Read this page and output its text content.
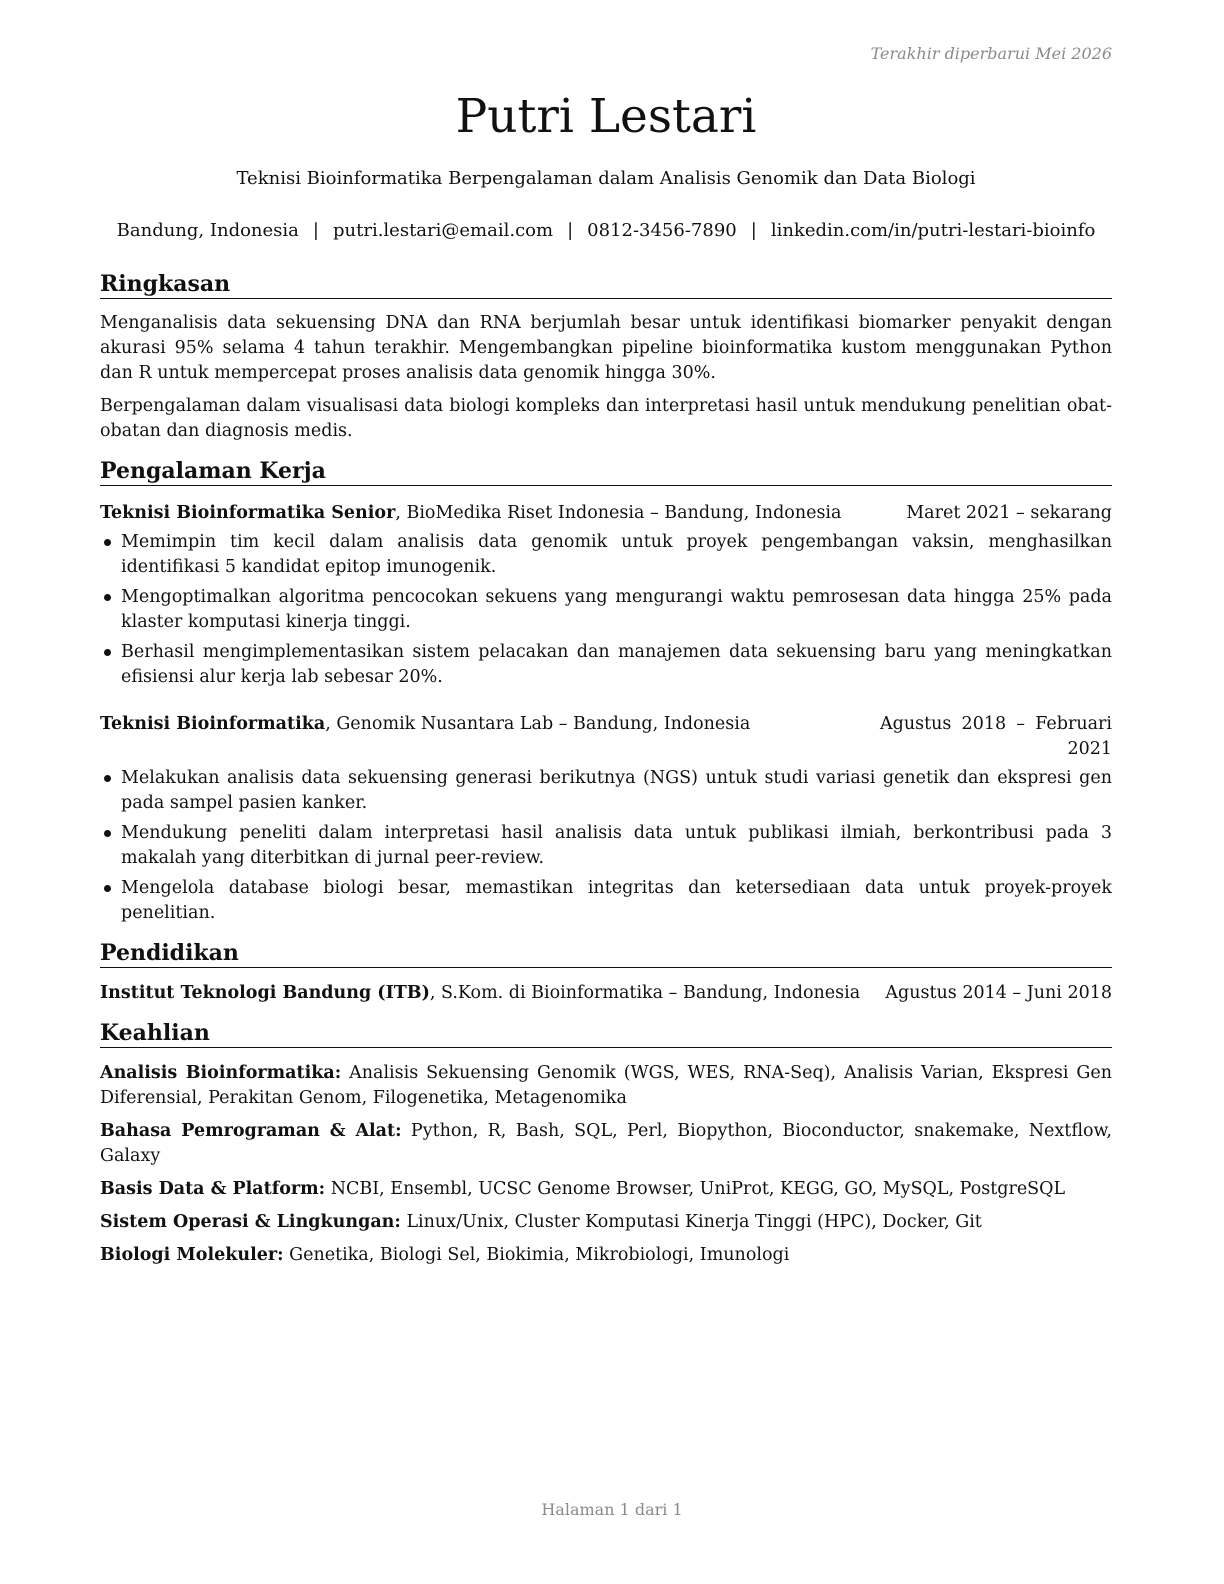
Terakhir diperbarui Mei 2026
Putri Lestari
Teknisi Bioinformatika Berpengalaman dalam Analisis Genomik dan Data Biologi
Bandung, Indonesia | putri.lestari@email.com | 0812-3456-7890 | linkedin.com/in/putri-lestari-bioinfo
Ringkasan

Menganalisis data sekuensing DNA dan RNA berjumlah besar untuk identifikasi biomarker penyakit dengan akurasi 95% selama 4 tahun terakhir. Mengembangkan pipeline bioinformatika kustom menggunakan Python dan R untuk mempercepat proses analisis data genomik hingga 30%.

Berpengalaman dalam visualisasi data biologi kompleks dan interpretasi hasil untuk mendukung penelitian obat-obatan dan diagnosis medis.

Pengalaman Kerja
Teknisi Bioinformatika Senior, BioMedika Riset Indonesia – Bandung, Indonesia	Maret 2021 – sekarang
Memimpin tim kecil dalam analisis data genomik untuk proyek pengembangan vaksin, menghasilkan identifikasi 5 kandidat epitop imunogenik.
Mengoptimalkan algoritma pencocokan sekuens yang mengurangi waktu pemrosesan data hingga 25% pada klaster komputasi kinerja tinggi.
Berhasil mengimplementasikan sistem pelacakan dan manajemen data sekuensing baru yang meningkatkan efisiensi alur kerja lab sebesar 20%.
Teknisi Bioinformatika, Genomik Nusantara Lab – Bandung, Indonesia	Agustus 2018 – Februari 2021
Melakukan analisis data sekuensing generasi berikutnya (NGS) untuk studi variasi genetik dan ekspresi gen pada sampel pasien kanker.
Mendukung peneliti dalam interpretasi hasil analisis data untuk publikasi ilmiah, berkontribusi pada 3 makalah yang diterbitkan di jurnal peer-review.
Mengelola database biologi besar, memastikan integritas dan ketersediaan data untuk proyek-proyek penelitian.
Pendidikan
Institut Teknologi Bandung (ITB), S.Kom. di Bioinformatika – Bandung, Indonesia Agustus 2014 – Juni 2018
Keahlian
Analisis Bioinformatika: Analisis Sekuensing Genomik (WGS, WES, RNA-Seq), Analisis Varian, Ekspresi Gen Diferensial, Perakitan Genom, Filogenetika, Metagenomika
Bahasa Pemrograman & Alat: Python, R, Bash, SQL, Perl, Biopython, Bioconductor, snakemake, Nextflow, Galaxy
Basis Data & Platform: NCBI, Ensembl, UCSC Genome Browser, UniProt, KEGG, GO, MySQL, PostgreSQL
Sistem Operasi & Lingkungan: Linux/Unix, Cluster Komputasi Kinerja Tinggi (HPC), Docker, Git
Biologi Molekuler: Genetika, Biologi Sel, Biokimia, Mikrobiologi, Imunologi
Halaman 1 dari 1
